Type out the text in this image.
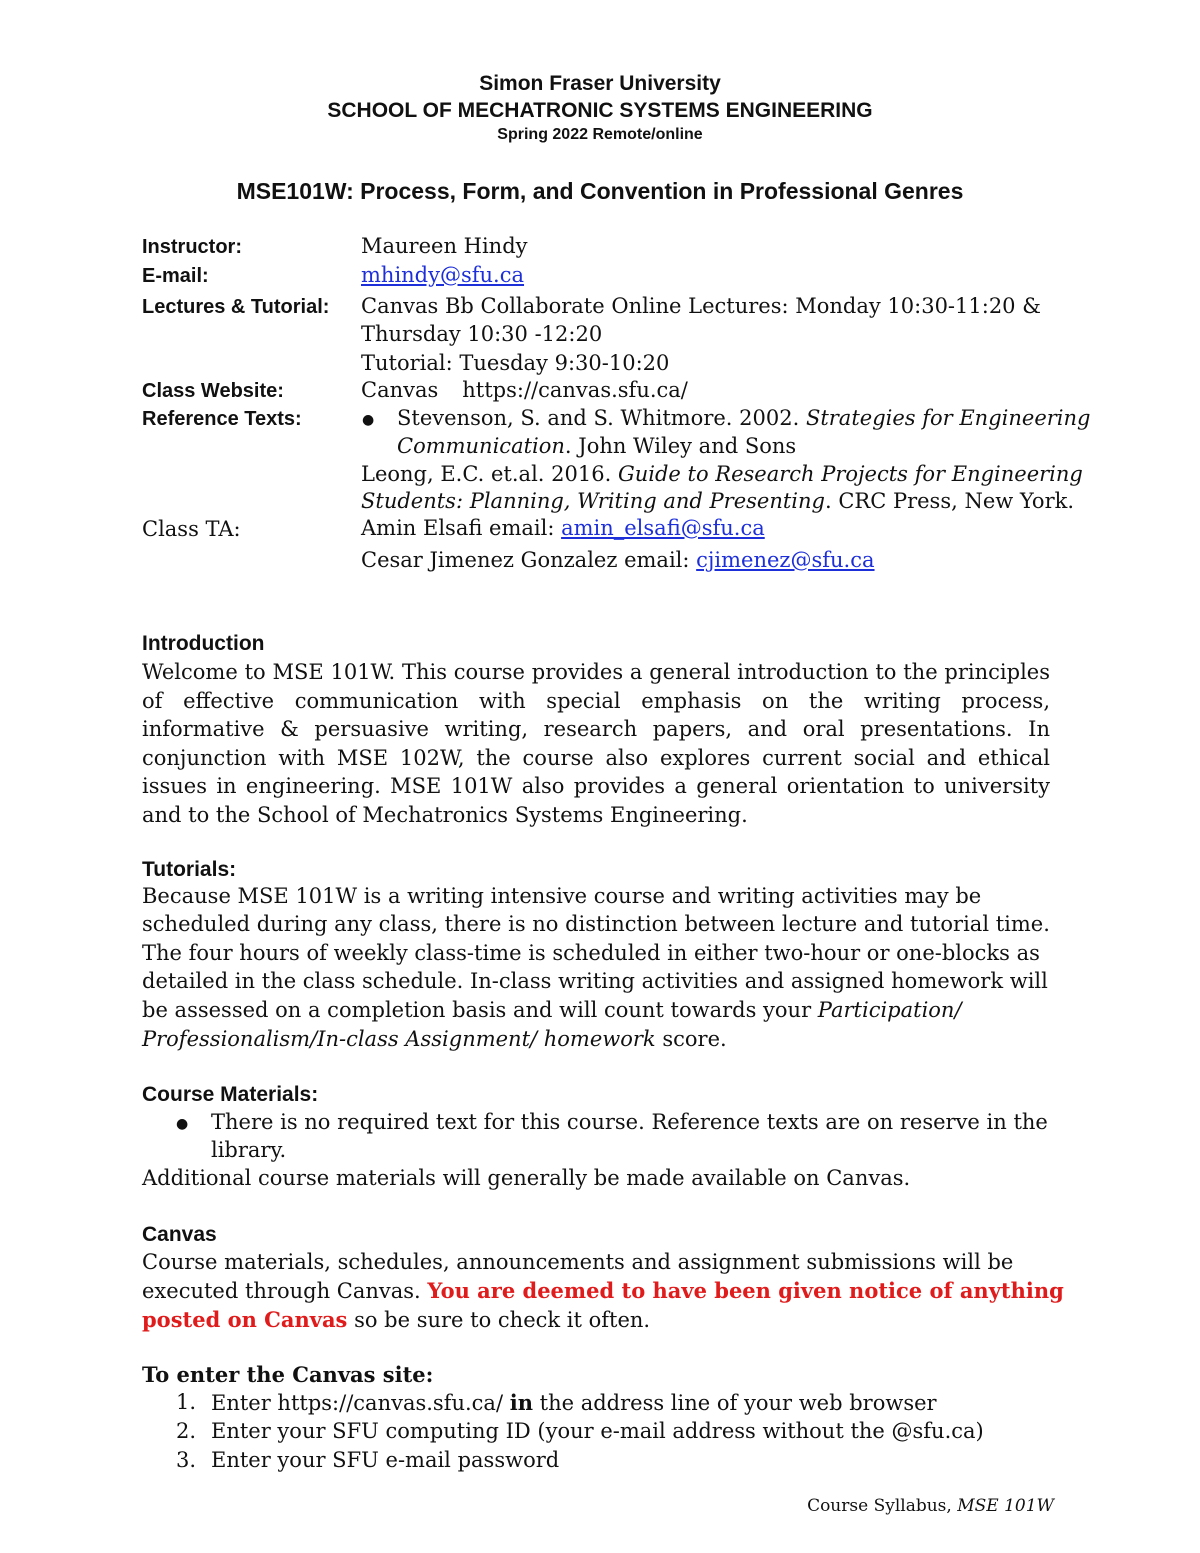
Simon Fraser University
SCHOOL OF MECHATRONIC SYSTEMS ENGINEERING
Spring 2022 Remote/online
MSE101W: Process, Form, and Convention in Professional Genres
Instructor:	Maureen Hindy
E-mail:	mhindy@sfu.ca
Lectures & Tutorial: Canvas Bb Collaborate Online Lectures: Monday 10:30-11:20 &
Thursday 10:30 -12:20
Tutorial: Tuesday 9:30-10:20
Class Website:	Canvas https://canvas.sfu.ca/
Reference Texts:	● Stevenson, S. and S. Whitmore. 2002. Strategies for Engineering
Communication. John Wiley and Sons
Leong, E.C. et.al. 2016. Guide to Research Projects for Engineering
Students: Planning, Writing and Presenting. CRC Press, New York.
Class TA:	Amin Elsafi email: amin_elsafi@sfu.ca
Cesar Jimenez Gonzalez email: cjimenez@sfu.ca
Introduction
Welcome to MSE 101W. This course provides a general introduction to the principles of effective communication with special emphasis on the writing process, informative & persuasive writing, research papers, and oral presentations. In conjunction with MSE 102W, the course also explores current social and ethical issues in engineering. MSE 101W also provides a general orientation to university and to the School of Mechatronics Systems Engineering.
Tutorials:
Because MSE 101W is a writing intensive course and writing activities may be
scheduled during any class, there is no distinction between lecture and tutorial time.
The four hours of weekly class-time is scheduled in either two-hour or one-blocks as
detailed in the class schedule. In-class writing activities and assigned homework will
be assessed on a completion basis and will count towards your Participation/
Professionalism/In-class Assignment/ homework score.
Course Materials:
● There is no required text for this course. Reference texts are on reserve in the
library.
Additional course materials will generally be made available on Canvas.
Canvas
Course materials, schedules, announcements and assignment submissions will be
executed through Canvas. You are deemed to have been given notice of anything
posted on Canvas so be sure to check it often.
To enter the Canvas site:
1. Enter https://canvas.sfu.ca/ in the address line of your web browser
2. Enter your SFU computing ID (your e-mail address without the @sfu.ca)
3. Enter your SFU e-mail password
Course Syllabus, MSE 101W
